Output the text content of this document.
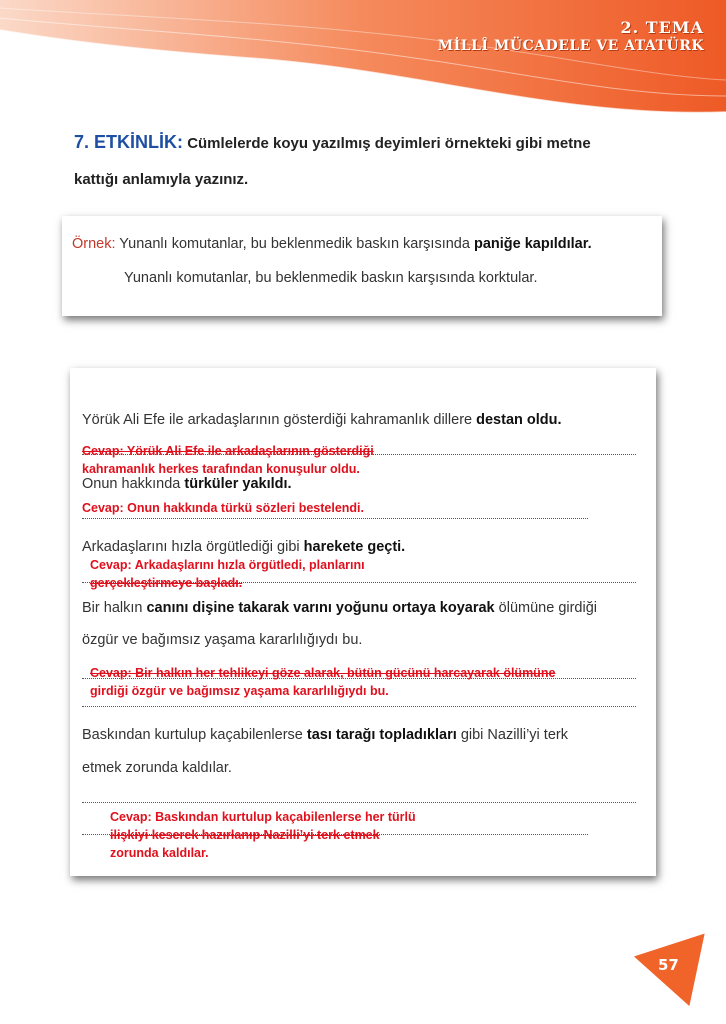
2. TEMA
MİLLÎ MÜCADELE VE ATATÜRK
7. ETKİNLİK: Cümlelerde koyu yazılmış deyimleri örnekteki gibi metne
kattığı anlamıyla yazınız.
Örnek: Yunanlı komutanlar, bu beklenmedik baskın karşısında paniğe kapıldılar.
Yunanlı komutanlar, bu beklenmedik baskın karşısında korktular.
Yörük Ali Efe ile arkadaşlarının gösterdiği kahramanlık dillere destan oldu.
Cevap: Yörük Ali Efe ile arkadaşlarının gösterdiği
kahramanlık herkes tarafından konuşulur oldu.
Onun hakkında türküler yakıldı.
Cevap: Onun hakkında türkü sözleri bestelendi.
Arkadaşlarını hızla örgütlediği gibi harekete geçti.
Cevap: Arkadaşlarını hızla örgütledi, planlarını
gerçekleştirmeye başladı.
Bir halkın canını dişine takarak varını yoğunu ortaya koyarak ölümüne girdiği
özgür ve bağımsız yaşama kararlılığıydı bu.
Cevap: Bir halkın her tehlikeyi göze alarak, bütün gücünü harcayarak ölümüne
girdiği özgür ve bağımsız yaşama kararlılığıydı bu.
Baskından kurtulup kaçabilenlerse tası tarağı topladıkları gibi Nazilli’yi terk
etmek zorunda kaldılar.
Cevap: Baskından kurtulup kaçabilenlerse her türlü
ilişkiyi keserek hazırlanıp Nazilli’yi terk etmek
zorunda kaldılar.
57
